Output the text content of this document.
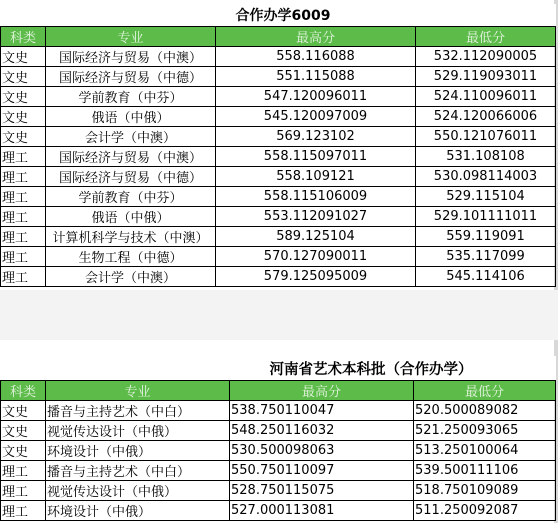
		合作办学6009	
科类	专业	最高分	最低分
文史	国际经济与贸易（中澳）	558.116088	532.112090005
文史	国际经济与贸易（中德）	551.115088	529.119093011
文史	学前教育（中芬）	547.120096011	524.110096011
文史	俄语（中俄）	545.120097009	524.120066006
文史	会计学（中澳）	569.123102	550.121076011
理工	国际经济与贸易（中澳）	558.115097011	531.108108
理工	国际经济与贸易（中德）	558.109121	530.098114003
理工	学前教育（中芬）	558.115106009	529.115104
理工	俄语（中俄）	553.112091027	529.101111011
理工	计算机科学与技术（中澳）	589.125104	559.119091
理工	生物工程（中德）	570.127090011	535.117099
理工	会计学（中澳）	579.125095009	545.114106
		河南省艺术本科批（合作办学）	
科类	专业	最高分	最低分
文史	播音与主持艺术（中白）	538.750110047	520.500089082
文史	视觉传达设计（中俄）	548.250116032	521.250093065
文史	环境设计（中俄）	530.500098063	513.250100064
理工	播音与主持艺术（中白）	550.750110097	539.500111106
理工	视觉传达设计（中俄）	528.750115075	518.750109089
理工	环境设计（中俄）	527.000113081	511.250092087
